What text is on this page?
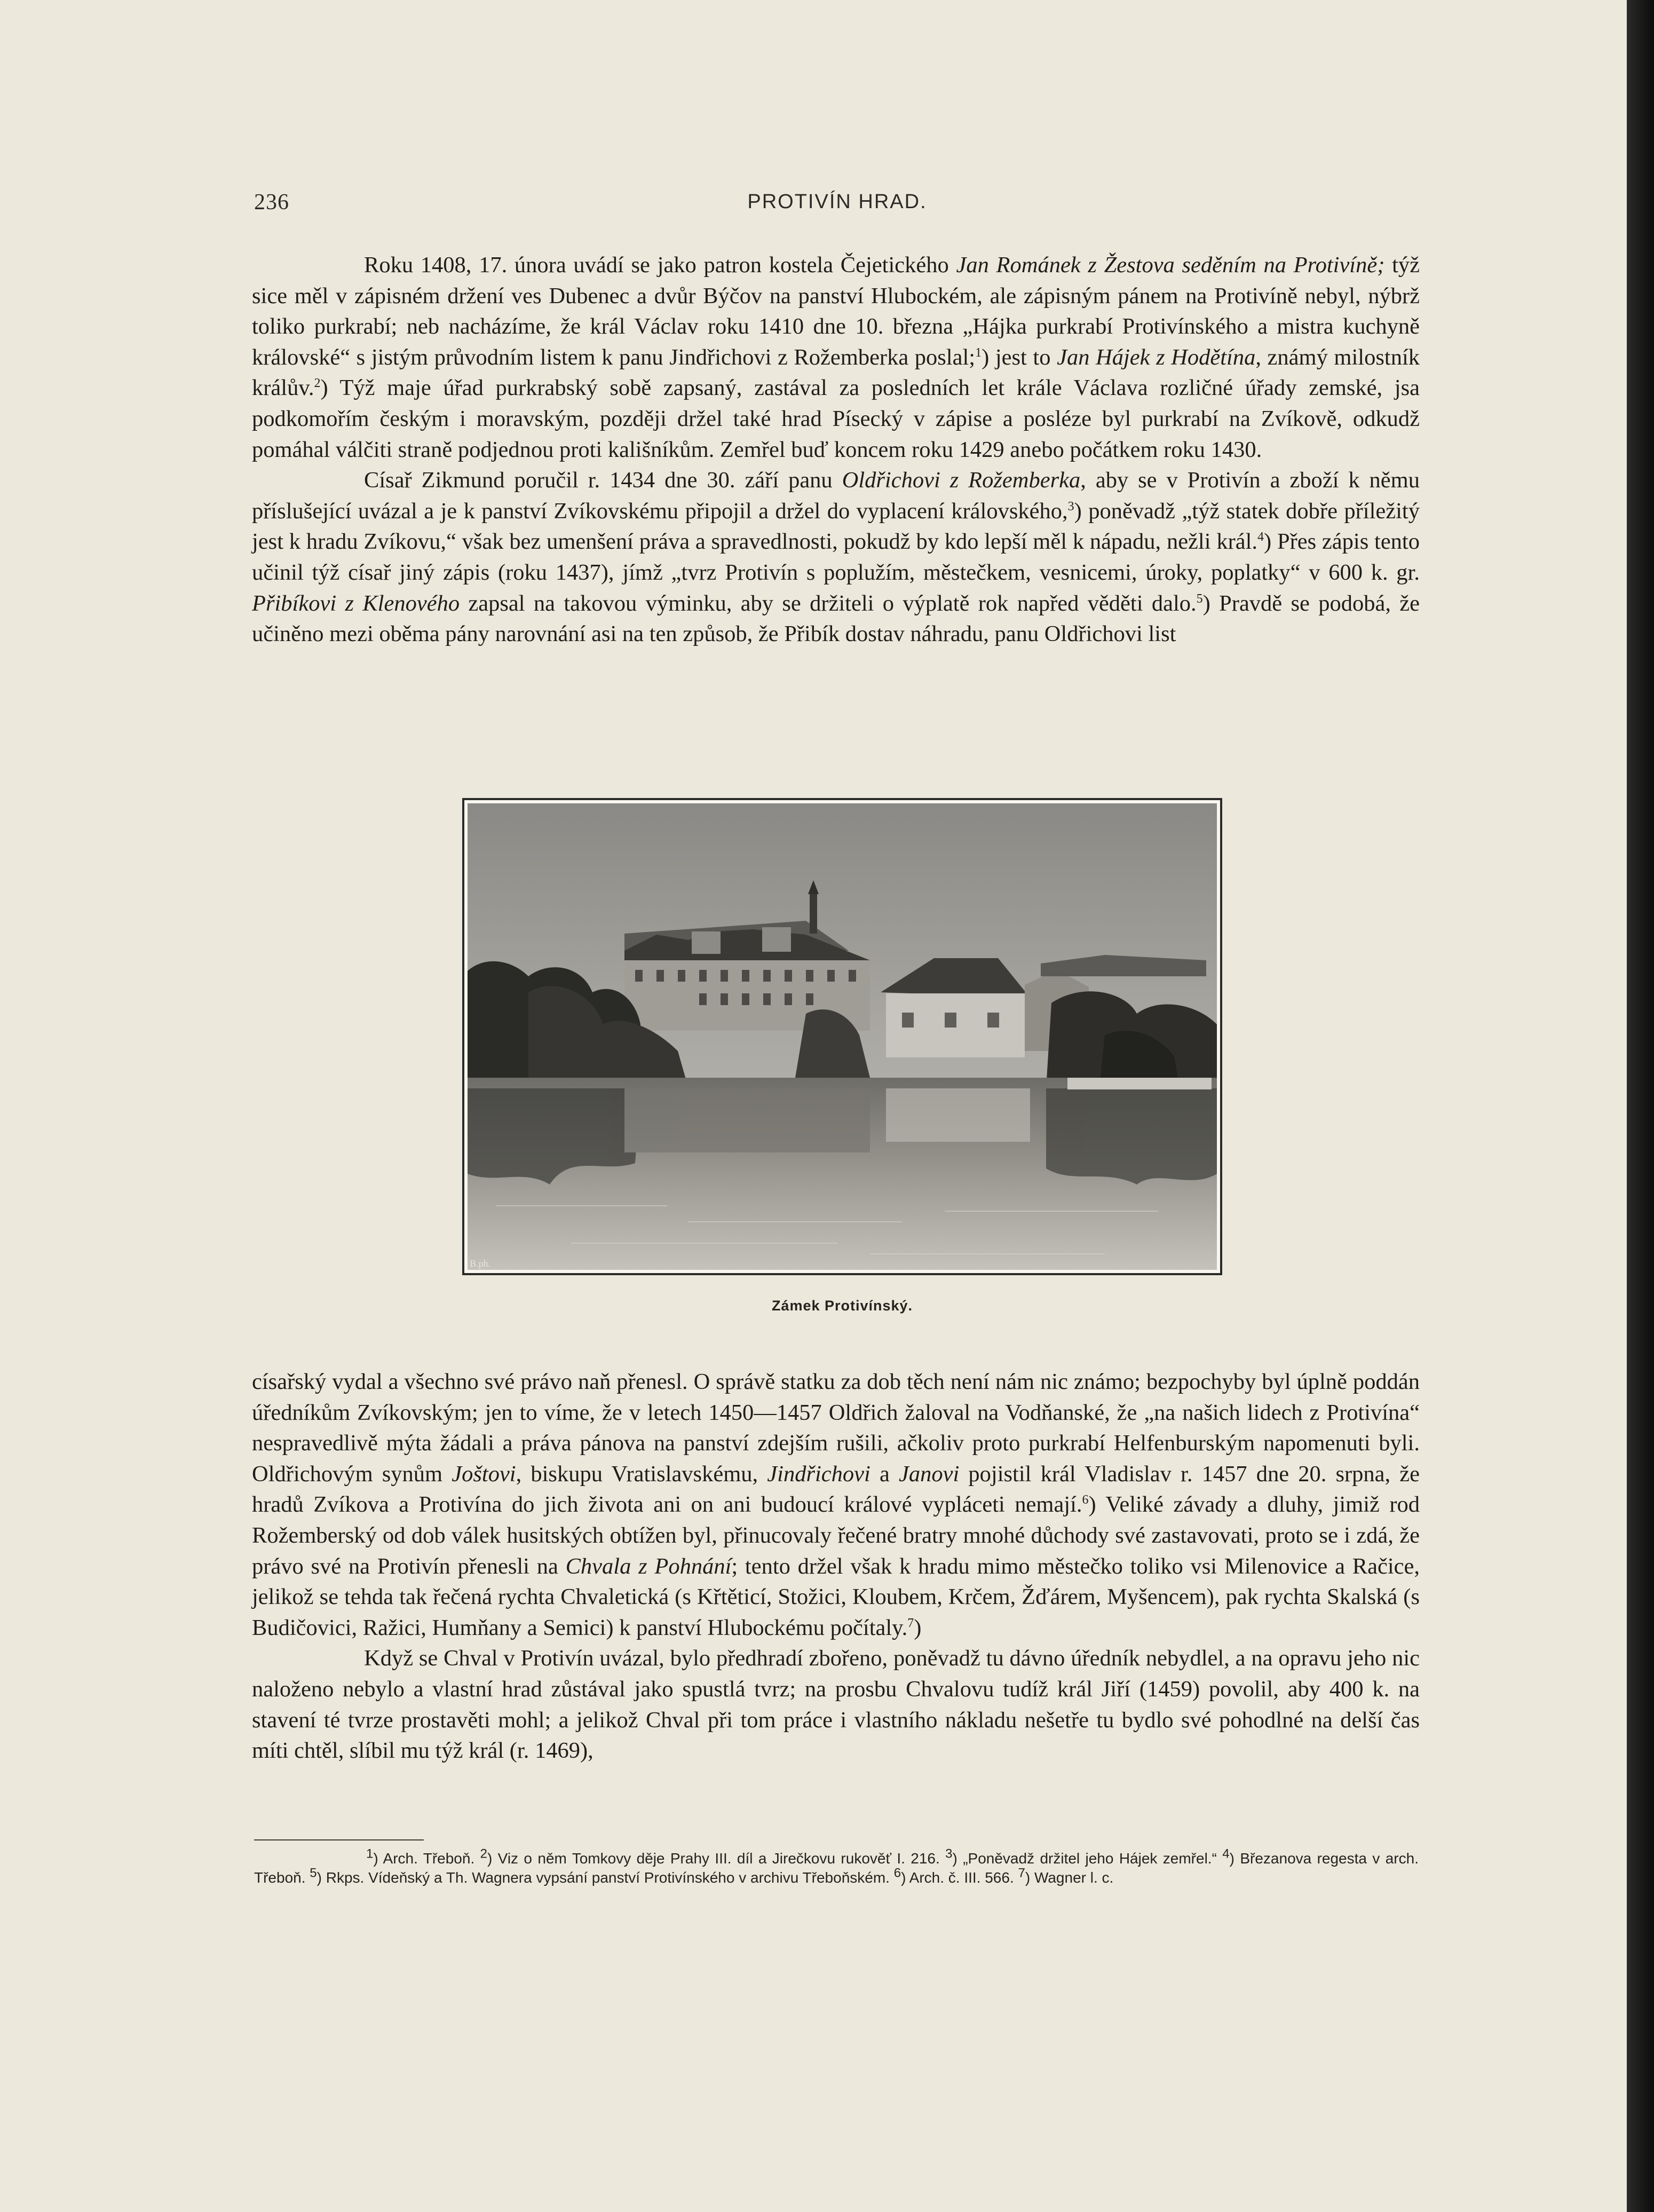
236	PROTIVÍN HRAD.

Roku 1408, 17. února uvádí se jako patron kostela Čejetického Jan Románek z Žestova seděním na Protivíně; týž sice měl v zápisném držení ves Dubenec a dvůr Býčov na panství Hlubockém, ale zápisným pánem na Protivíně nebyl, nýbrž toliko purkrabí; neb nacházíme, že král Václav roku 1410 dne 10. března „Hájka purkrabí Protivínského a mistra kuchyně královské“ s jistým průvodním listem k panu Jindřichovi z Rožemberka poslal;$^1$) jest to Jan Hájek z Hodětína, známý milostník králův.$^2$) Týž maje úřad purkrabský sobě zapsaný, zastával za posledních let krále Václava rozličné úřady zemské, jsa podkomořím českým i moravským, později držel také hrad Písecký v zápise a posléze byl purkrabí na Zvíkově, odkudž pomáhal válčiti straně podjednou proti kališníkům. Zemřel buď koncem roku 1429 anebo počátkem roku 1430.

Císař Zikmund poručil r. 1434 dne 30. září panu Oldřichovi z Rožemberka, aby se v Protivín a zboží k němu příslušející uvázal a je k panství Zvíkovskému připojil a držel do vyplacení královského,$^3$) poněvadž „týž statek dobře příležitý jest k hradu Zvíkovu,“ však bez umenšení práva a spravedlnosti, pokudž by kdo lepší měl k nápadu, nežli král.$^4$) Přes zápis tento učinil týž císař jiný zápis (roku 1437), jímž „tvrz Protivín s poplužím, městečkem, vesnicemi, úroky, poplatky“ v 600 k. gr. Přibíkovi z Klenového zapsal na takovou výminku, aby se držiteli o výplatě rok napřed věděti dalo.$^5$) Pravdě se podobá, že učiněno mezi oběma pány narovnání asi na ten způsob, že Přibík dostav náhradu, panu Oldřichovi list

B.ph.
Zámek Protivínský.

císařský vydal a všechno své právo naň přenesl. O správě statku za dob těch není nám nic známo; bezpochyby byl úplně poddán úředníkům Zvíkovským; jen to víme, že v letech 1450—1457 Oldřich žaloval na Vodňanské, že „na našich lidech z Protivína“ nespravedlivě mýta žádali a práva pánova na panství zdejším rušili, ačkoliv proto purkrabí Helfenburským napomenuti byli. Oldřichovým synům Joštovi, biskupu Vratislavskému, Jindřichovi a Janovi pojistil král Vladislav r. 1457 dne 20. srpna, že hradů Zvíkova a Protivína do jich života ani on ani budoucí králové vypláceti nemají.$^6$) Veliké závady a dluhy, jimiž rod Rožemberský od dob válek husitských obtížen byl, přinucovaly řečené bratry mnohé důchody své zastavovati, proto se i zdá, že právo své na Protivín přenesli na Chvala z Pohnání; tento držel však k hradu mimo městečko toliko vsi Milenovice a Račice, jelikož se tehda tak řečená rychta Chvaletická (s Křtěticí, Stožici, Kloubem, Krčem, Žďárem, Myšencem), pak rychta Skalská (s Budičovici, Ražici, Humňany a Semici) k panství Hlubockému počítaly.$^7$)

Když se Chval v Protivín uvázal, bylo předhradí zbořeno, poněvadž tu dávno úředník nebydlel, a na opravu jeho nic naloženo nebylo a vlastní hrad zůstával jako spustlá tvrz; na prosbu Chvalovu tudíž král Jiří (1459) povolil, aby 400 k. na stavení té tvrze prostavěti mohl; a jelikož Chval při tom práce i vlastního nákladu nešetře tu bydlo své pohodlné na delší čas míti chtěl, slíbil mu týž král (r. 1469),

$^1$) Arch. Třeboň. $^2$) Viz o něm Tomkovy děje Prahy III. díl a Jirečkovu rukověť I. 216. $^3$) „Poněvadž držitel jeho Hájek zemřel.“ $^4$) Březanova regesta v arch. Třeboň. $^5$) Rkps. Vídeňský a Th. Wagnera vypsání panství Protivínského v archivu Třeboňském. $^6$) Arch. č. III. 566. $^7$) Wagner l. c.
